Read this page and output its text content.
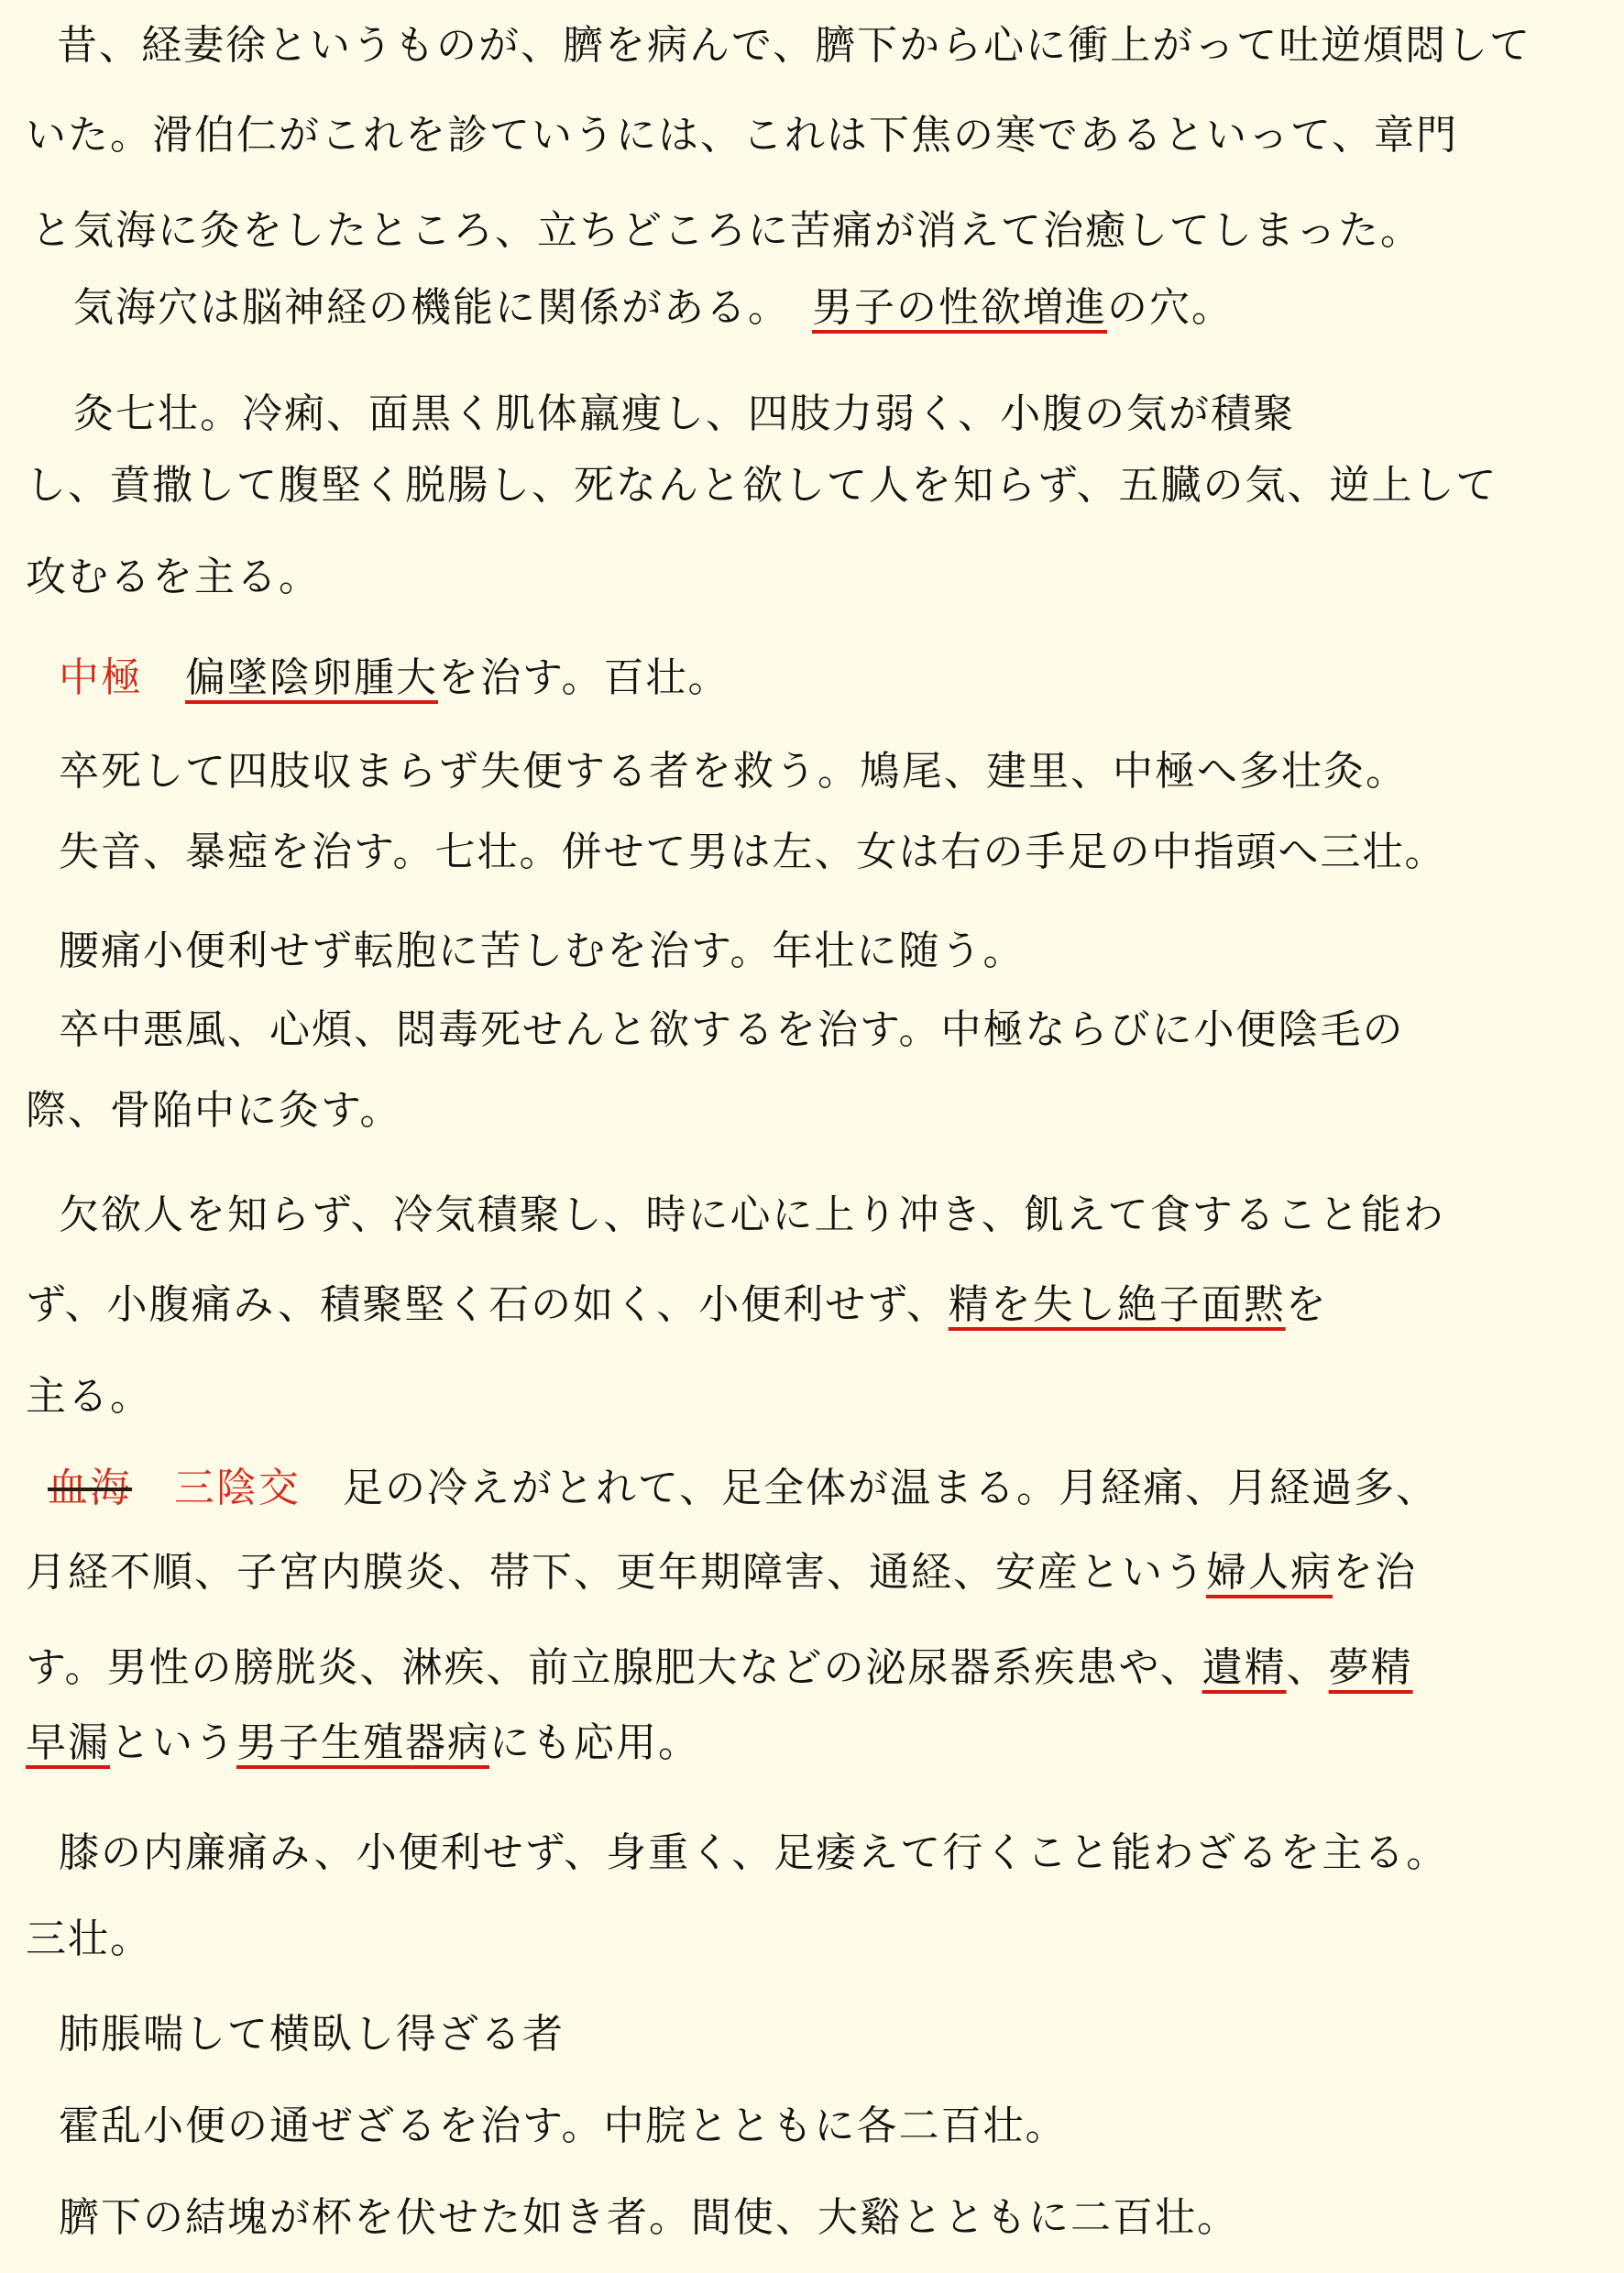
昔、経妻徐というものが、臍を病んで、臍下から心に衝上がって吐逆煩悶して
いた。滑伯仁がこれを診ていうには、これは下焦の寒であるといって、章門
と気海に灸をしたところ、立ちどころに苦痛が消えて治癒してしまった。
気海穴は脳神経の機能に関係がある。 男子の性欲増進の穴。
灸七壮。冷痢、面黒く肌体羸痩し、四肢力弱く、小腹の気が積聚
し、賁撒して腹堅く脱腸し、死なんと欲して人を知らず、五臓の気、逆上して
攻むるを主る。
中極 偏墜陰卵腫大を治す。百壮。
卒死して四肢収まらず失便する者を救う。鳩尾、建里、中極へ多壮灸。
失音、暴瘂を治す。七壮。併せて男は左、女は右の手足の中指頭へ三壮。
腰痛小便利せず転胞に苦しむを治す。年壮に随う。
卒中悪風、心煩、悶毒死せんと欲するを治す。中極ならびに小便陰毛の
際、骨陥中に灸す。
欠欲人を知らず、冷気積聚し、時に心に上り冲き、飢えて食すること能わ
ず、小腹痛み、積聚堅く石の如く、小便利せず、精を失し絶子面黙を
主る。
血海 三陰交 足の冷えがとれて、足全体が温まる。月経痛、月経過多、
月経不順、子宮内膜炎、帯下、更年期障害、通経、安産という婦人病を治
す。男性の膀胱炎、淋疾、前立腺肥大などの泌尿器系疾患や、遺精、夢精
早漏という男子生殖器病にも応用。
膝の内廉痛み、小便利せず、身重く、足痿えて行くこと能わざるを主る。
三壮。
肺脹喘して横臥し得ざる者
霍乱小便の通ぜざるを治す。中脘とともに各二百壮。
臍下の結塊が杯を伏せた如き者。間使、大谿とともに二百壮。
